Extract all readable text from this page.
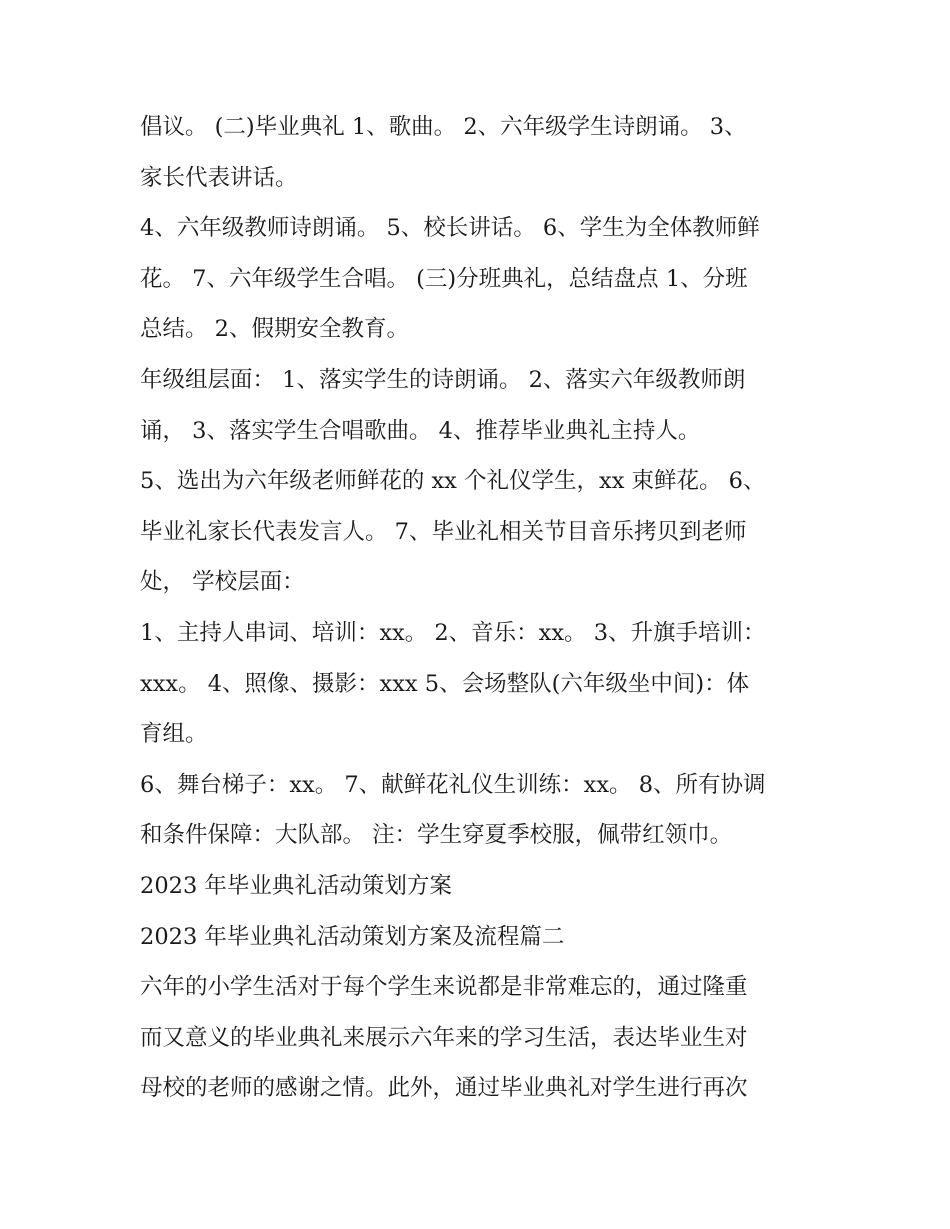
倡议。 (二)毕业典礼 1、歌曲。 2、六年级学生诗朗诵。 3、
家长代表讲话。
4、六年级教师诗朗诵。 5、校长讲话。 6、学生为全体教师鲜
花。 7、六年级学生合唱。 (三)分班典礼，总结盘点 1、分班
总结。 2、假期安全教育。
年级组层面： 1、落实学生的诗朗诵。 2、落实六年级教师朗
诵， 3、落实学生合唱歌曲。 4、推荐毕业典礼主持人。
5、选出为六年级老师鲜花的 xx 个礼仪学生，xx 束鲜花。 6、
毕业礼家长代表发言人。 7、毕业礼相关节目音乐拷贝到老师
处， 学校层面：
1、主持人串词、培训：xx。 2、音乐：xx。 3、升旗手培训：
xxx。 4、照像、摄影：xxx 5、会场整队(六年级坐中间)：体
育组。
6、舞台梯子：xx。 7、献鲜花礼仪生训练：xx。 8、所有协调
和条件保障：大队部。 注：学生穿夏季校服，佩带红领巾。
2023 年毕业典礼活动策划方案
2023 年毕业典礼活动策划方案及流程篇二
六年的小学生活对于每个学生来说都是非常难忘的，通过隆重
而又意义的毕业典礼来展示六年来的学习生活，表达毕业生对
母校的老师的感谢之情。此外，通过毕业典礼对学生进行再次
